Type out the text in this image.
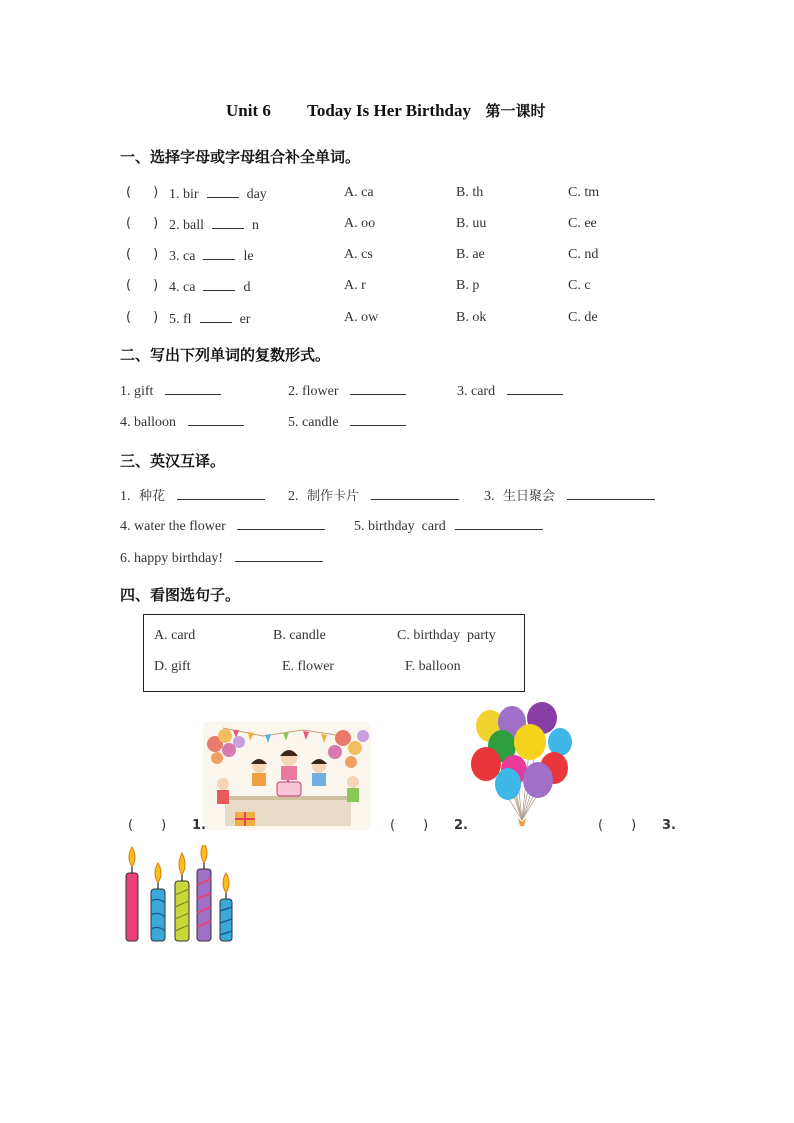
Unit 6 Today Is Her Birthday 第一课时
一、选择字母或字母组合补全单词。
( ) 1. bir	day	A. ca	B. th	C. tm
( ) 2. ball	n	A. oo	B. uu	C. ee
( ) 3. ca	le	A. cs	B. ae	C. nd
( ) 4. ca	d	A. r	B. p	C. c
( ) 5. fl	er	A. ow	B. ok	C. de
二、写出下列单词的复数形式。
1. gift	2. flower	3. card
4. balloon	5. candle
三、英汉互译。
1. 种花	2. 制作卡片	3. 生日聚会
4. water the flower	5. birthday  card
6. happy birthday!
四、看图选句子。
A. card	B. candle	C. birthday  party
D. gift	E. flower	F. balloon
( ) 1.	( ) 2.	( ) 3.
